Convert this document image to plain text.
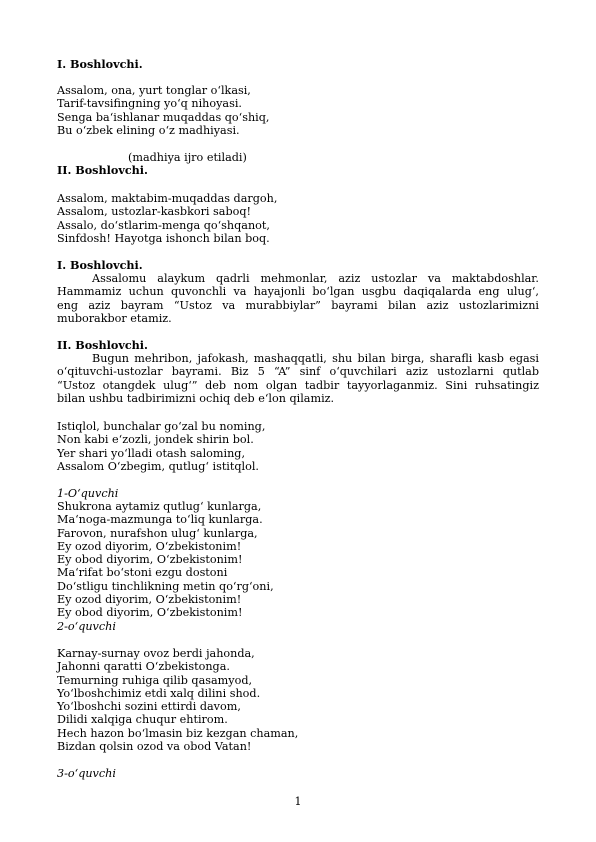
I. Boshlovchi.
Assalom, ona, yurt tonglar o‘lkasi,
Tarif-tavsifingning yo‘q nihoyasi.
Senga ba‘ishlanar muqaddas qo‘shiq,
Bu o‘zbek elining o‘z madhiyasi.
(madhiya ijro etiladi)
II. Boshlovchi.
Assalom, maktabim-muqaddas dargoh,
Assalom, ustozlar-kasbkori saboq!
Assalo, do‘stlarim-menga qo‘shqanot,
Sinfdosh! Hayotga ishonch bilan boq.
I. Boshlovchi.
Assalomu alaykum qadrli mehmonlar, aziz ustozlar va maktabdoshlar.
Hammamiz uchun quvonchli va hayajonli bo‘lgan usgbu daqiqalarda eng ulug‘,
eng aziz bayram “Ustoz va murabbiylar” bayrami bilan aziz ustozlarimizni
muborakbor etamiz.
II. Boshlovchi.
Bugun mehribon, jafokash, mashaqqatli, shu bilan birga, sharafli kasb egasi
o‘qituvchi-ustozlar bayrami. Biz 5 “A” sinf o‘quvchilari aziz ustozlarni qutlab
“Ustoz otangdek ulug‘” deb nom olgan tadbir tayyorlaganmiz. Sini ruhsatingiz
bilan ushbu tadbirimizni ochiq deb e‘lon qilamiz.
Istiqlol, bunchalar go‘zal bu noming,
Non kabi e‘zozli, jondek shirin bol.
Yer shari yo‘lladi otash saloming,
Assalom O‘zbegim, qutlug‘ istitqlol.
1-O‘quvchi
Shukrona aytamiz qutlug‘ kunlarga,
Ma‘noga-mazmunga to‘liq kunlarga.
Farovon, nurafshon ulug‘ kunlarga,
Ey ozod diyorim, O‘zbekistonim!
Ey obod diyorim, O‘zbekistonim!
Ma‘rifat bo‘stoni ezgu dostoni
Do‘stligu tinchlikning metin qo‘rg‘oni,
Ey ozod diyorim, O‘zbekistonim!
Ey obod diyorim, O‘zbekistonim!
2-o‘quvchi
Karnay-surnay ovoz berdi jahonda,
Jahonni qaratti O‘zbekistonga.
Temurning ruhiga qilib qasamyod,
Yo‘lboshchimiz etdi xalq dilini shod.
Yo‘lboshchi sozini ettirdi davom,
Dilidi xalqiga chuqur ehtirom.
Hech hazon bo‘lmasin biz kezgan chaman,
Bizdan qolsin ozod va obod Vatan!
3-o‘quvchi
1
